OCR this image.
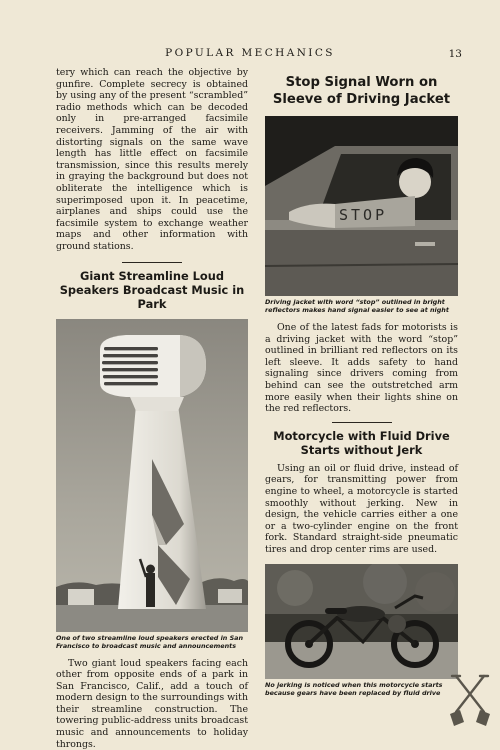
POPULAR MECHANICS	13

tery which can reach the objective by gunfire. Complete secrecy is obtained by using any of the present “scrambled” radio methods which can be decoded only in pre-arranged facsimile receivers. Jamming of the air with distorting signals on the same wave length has little effect on facsimile transmission, since this results merely in graying the background but does not obliterate the intelligence which is superimposed upon it. In peacetime, airplanes and ships could use the facsimile system to exchange weather maps and other information with ground stations.

Giant Streamline Loud Speakers Broadcast Music in Park

One of two streamline loud speakers erected in San Francisco to broadcast music and announcements

Two giant loud speakers facing each other from opposite ends of a park in San Francisco, Calif., add a touch of modern design to the surroundings with their streamline construction. The towering public-address units broadcast music and announcements to holiday throngs.

Stop Signal Worn on Sleeve of Driving Jacket
STOP

Driving jacket with word “stop” outlined in bright reflectors makes hand signal easier to see at night

One of the latest fads for motorists is a driving jacket with the word “stop” outlined in brilliant red reflectors on its left sleeve. It adds safety to hand signaling since drivers coming from behind can see the outstretched arm more easily when their lights shine on the red reflectors.

Motorcycle with Fluid Drive Starts without Jerk

Using an oil or fluid drive, instead of gears, for transmitting power from engine to wheel, a motorcycle is started smoothly without jerking. New in design, the vehicle carries either a one or a two-cylinder engine on the front fork. Standard straight-side pneumatic tires and drop center rims are used.

No jerking is noticed when this motorcycle starts because gears have been replaced by fluid drive
